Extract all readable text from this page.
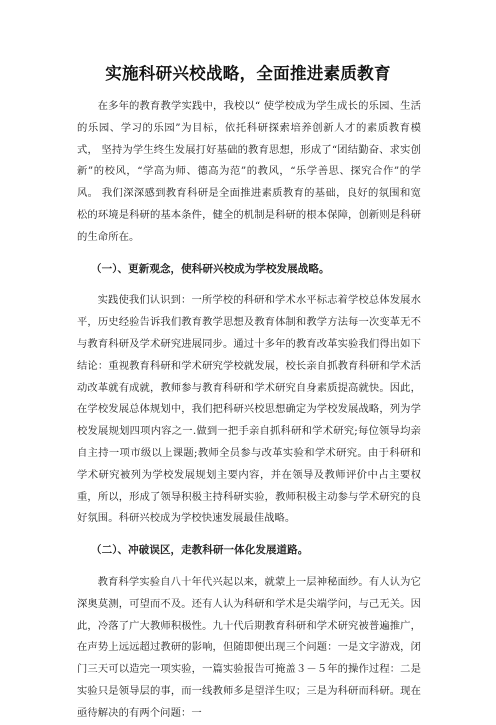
实施科研兴校战略，全面推进素质教育

在多年的教育教学实践中，我校以“ 使学校成为学生成长的乐园、生活的乐园、学习的乐园”为目标，依托科研探索培养创新人才的素质教育模式， 坚持为学生终生发展打好基础的教育思想，形成了“团结勤奋、求实创新”的校风，“学高为师、德高为范”的教风，“乐学善思、探究合作”的学风。 我们深深感到教育科研是全面推进素质教育的基础，良好的氛围和宽松的环境是科研的基本条件，健全的机制是科研的根本保障，创新则是科研的生命所在。

（一）、更新观念，使科研兴校成为学校发展战略。

实践使我们认识到：一所学校的科研和学术水平标志着学校总体发展水平，历史经验告诉我们教育教学思想及教育体制和教学方法每一次变革无不与教育科研及学术研究进展同步。通过十多年的教育改革实验我们得出如下结论：重视教育科研和学术研究学校就发展，校长亲自抓教育科研和学术活动改革就有成就，教师参与教育科研和学术研究自身素质提高就快。因此，在学校发展总体规划中，我们把科研兴校思想确定为学校发展战略，列为学校发展规划四项内容之一.做到一把手亲自抓科研和学术研究;每位领导均亲自主持一项市级以上课题;教师全员参与改革实验和学术研究。由于科研和学术研究被列为学校发展规划主要内容，并在领导及教师评价中占主要权重，所以，形成了领导积极主持科研实验，教师积极主动参与学术研究的良好氛围。科研兴校成为学校快速发展最佳战略。

（二）、冲破误区，走教科研一体化发展道路。

教育科学实验自八十年代兴起以来，就蒙上一层神秘面纱。有人认为它深奥莫测，可望而不及。还有人认为科研和学术是尖端学问，与己无关。因此，冷落了广大教师积极性。九十代后期教育科研和学术研究被普遍推广，在声势上远远超过教研的影响，但随即便出现三个问题：一是文字游戏，闭门三天可以造完一项实验，一篇实验报告可掩盖３－５年的操作过程：二是实验只是领导层的事，而一线教师多是望洋生叹；三是为科研而科研。现在亟待解决的有两个问题：一
